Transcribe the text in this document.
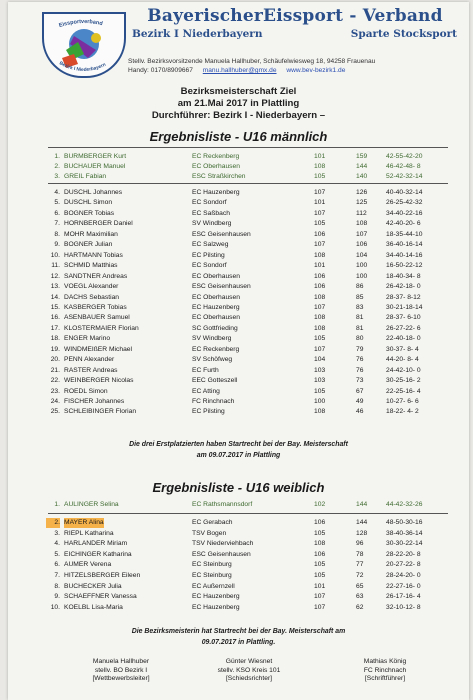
Eissportverband
Bezirk I Niederbayern
BayerischerEissport - Verband
Bezirk I Niederbayern	Sparte Stocksport
Stellv. Bezirksvorsitzende Manuela Hallhuber, Schäufelwiesweg 18, 94258 Frauenau
Handy: 0170/8909667 manu.hallhuber@gmx.de www.bev-bezirk1.de
Bezirksmeisterschaft Ziel
am 21.Mai 2017 in Plattling
Durchführer: Bezirk I - Niederbayern –
Ergebnisliste - U16 männlich
1. BURMBERGER Kurt	EC Reckenberg	101	159	42-55-42-20
2. BUCHAUER Manuel	EC Oberhausen	108	144	46-42-48- 8
3. GREIL Fabian	ESC Straßkirchen	105	140	52-42-32-14
4. DUSCHL Johannes	EC Hauzenberg	107	126	40-40-32-14
5. DUSCHL Simon	EC Sondorf	101	125	26-25-42-32
6. BOGNER Tobias	EC Saßbach	107	112	34-40-22-16
7. HORNBERGER Daniel	SV Windberg	105	108	42-40-20- 6
8. MOHR Maximilian	ESC Geisenhausen	106	107	18-35-44-10
9. BOGNER Julian	EC Salzweg	107	106	36-40-16-14
10. HARTMANN Tobias	EC Pilsting	108	104	34-40-14-16
11. SCHMID Matthias	EC Sondorf	101	100	16-50-22-12
12. SANDTNER Andreas	EC Oberhausen	106	100	18-40-34- 8
13. VOEGL Alexander	ESC Geisenhausen	106	86	26-42-18- 0
14. DACHS Sebastian	EC Oberhausen	108	85	28-37- 8-12
15. KASBERGER Tobias	EC Hauzenberg	107	83	30-21-18-14
16. ASENBAUER Samuel	EC Oberhausen	108	81	28-37- 6-10
17. KLOSTERMAIER Florian	SC Gottfrieding	108	81	26-27-22- 6
18. ENGER Marino	SV Windberg	105	80	22-40-18- 0
19. WINDMEIßER Michael	EC Reckenberg	107	79	30-37- 8- 4
20. PENN Alexander	SV Schöfweg	104	76	44-20- 8- 4
21. RASTER Andreas	EC Furth	103	76	24-42-10- 0
22. WEINBERGER Nicolas	EEC Gotteszell	103	73	30-25-16- 2
23. ROEDL Simon	EC Atting	105	67	22-25-16- 4
24. FISCHER Johannes	FC Rinchnach	100	49	10-27- 6- 6
25. SCHLEIBINGER Florian	EC Pilsting	108	46	18-22- 4- 2
Die drei Erstplatzierten haben Startrecht bei der Bay. Meisterschaft
am 09.07.2017 in Plattling
Ergebnisliste - U16 weiblich
1. AULINGER Selina	EC Rathsmannsdorf	102	144	44-42-32-26
2. MAYER Alina	EC Gerabach	106	144	48-50-30-16
3. RIEPL Katharina	TSV Bogen	105	128	38-40-36-14
4. HARLANDER Miriam	TSV Niederviehbach	108	96	30-30-22-14
5. EICHINGER Katharina	ESC Geisenhausen	106	78	28-22-20- 8
6. AUMER Verena	EC Steinburg	105	77	20-27-22- 8
7. HITZELSBERGER Eileen	EC Steinburg	105	72	28-24-20- 0
8. BUCHECKER Julia	EC Außernzell	101	65	22-27-16- 0
9. SCHAEFFNER Vanessa	EC Hauzenberg	107	63	26-17-16- 4
10. KOELBL Lisa-Maria	EC Hauzenberg	107	62	32-10-12- 8
Die Bezirksmeisterin hat Startrecht bei der Bay. Meisterschaft am
09.07.2017 in Plattling.
Manuela Hallhuber
stellv. BO Bezirk I
[Wettbewerbsleiter]
Günter Wiesnet
stellv. KSO Kreis 101
[Schiedsrichter]
Mathias König
FC Rinchnach
[Schriftführer]
